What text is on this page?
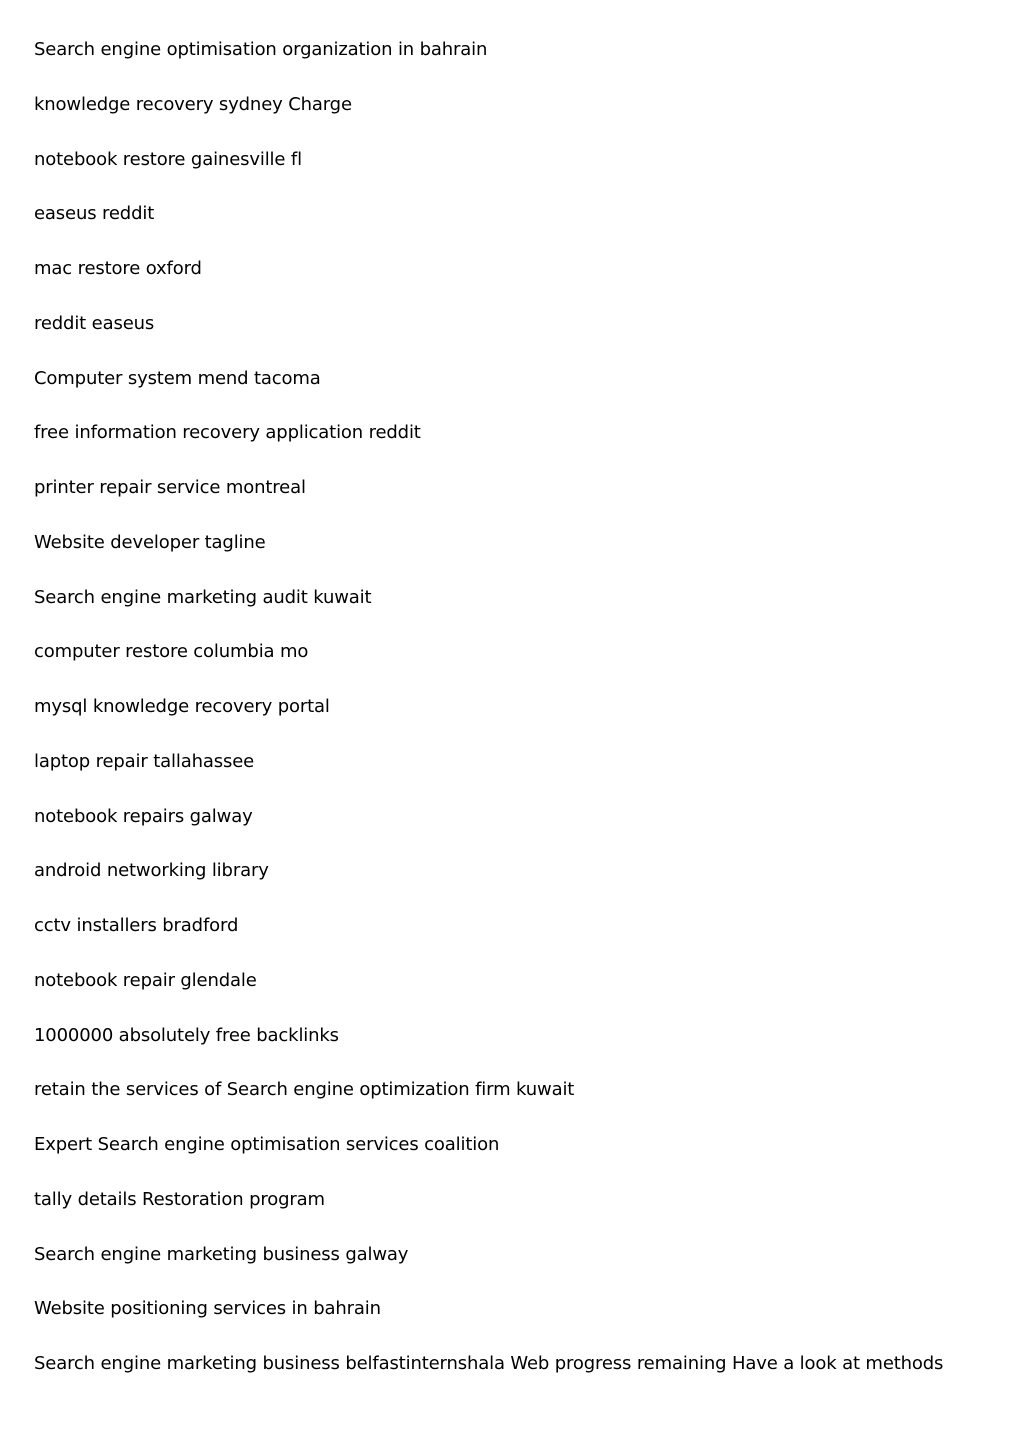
Search engine optimisation organization in bahrain
knowledge recovery sydney Charge
notebook restore gainesville fl
easeus reddit
mac restore oxford
reddit easeus
Computer system mend tacoma
free information recovery application reddit
printer repair service montreal
Website developer tagline
Search engine marketing audit kuwait
computer restore columbia mo
mysql knowledge recovery portal
laptop repair tallahassee
notebook repairs galway
android networking library
cctv installers bradford
notebook repair glendale
1000000 absolutely free backlinks
retain the services of Search engine optimization firm kuwait
Expert Search engine optimisation services coalition
tally details Restoration program
Search engine marketing business galway
Website positioning services in bahrain
Search engine marketing business belfastinternshala Web progress remaining Have a look at methods
